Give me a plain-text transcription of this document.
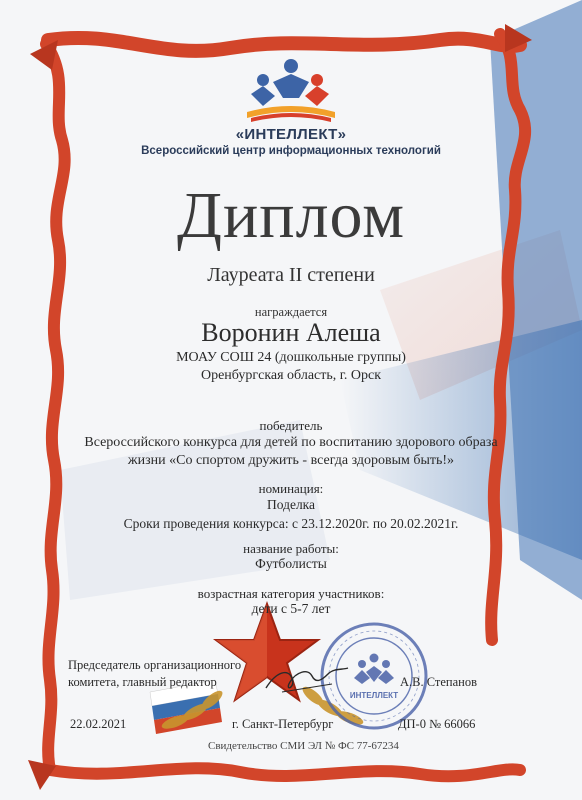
ИНТЕЛЛЕКТ
«ИНТЕЛЛЕКТ»
Всероссийский центр информационных технологий
Диплом
Лауреата II степени
награждается
Воронин Алеша
МОАУ СОШ 24 (дошкольные группы)
Оренбургская область, г. Орск
победитель
Всероссийского конкурса для детей по воспитанию здорового образа
жизни «Со спортом дружить - всегда здоровым быть!»
номинация:
Поделка
Сроки проведения конкурса: с 23.12.2020г. по 20.02.2021г.
название работы:
Футболисты
возрастная категория участников:
дети с 5-7 лет
Председатель организационного
комитета, главный редактор	А.В. Степанов
22.02.2021	г. Санкт-Петербург	ДП-0 № 66066
Свидетельство СМИ ЭЛ № ФС 77-67234
